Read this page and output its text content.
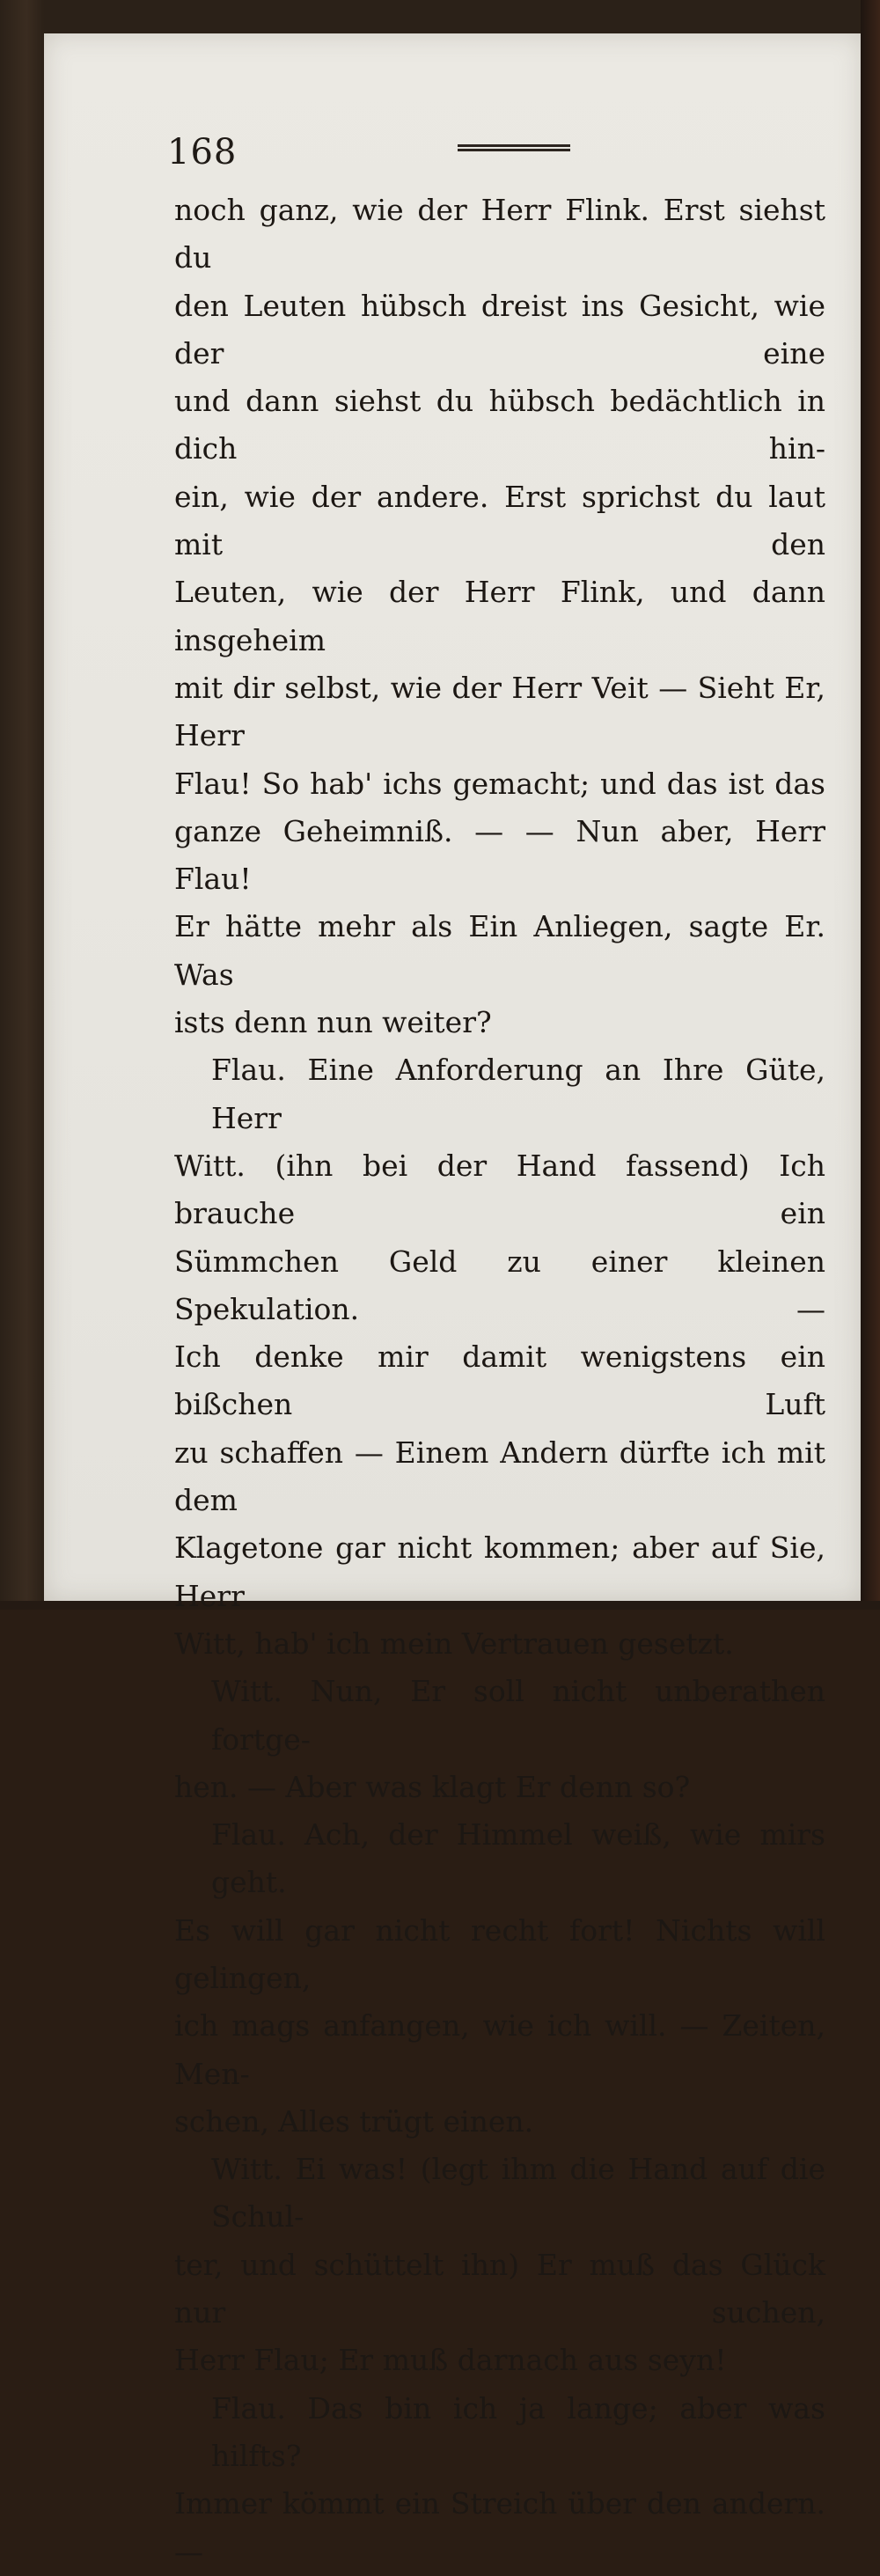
168
noch ganz, wie der Herr Flink. Erst siehst du
den Leuten hübsch dreist ins Gesicht, wie der eine
und dann siehst du hübsch bedächtlich in dich hin-
ein, wie der andere. Erst sprichst du laut mit den
Leuten, wie der Herr Flink, und dann insgeheim
mit dir selbst, wie der Herr Veit — Sieht Er, Herr
Flau! So hab' ichs gemacht; und das ist das
ganze Geheimniß. — — Nun aber, Herr Flau!
Er hätte mehr als Ein Anliegen, sagte Er. Was
ists denn nun weiter?
Flau. Eine Anforderung an Ihre Güte, Herr
Witt. (ihn bei der Hand fassend) Ich brauche ein
Sümmchen Geld zu einer kleinen Spekulation. —
Ich denke mir damit wenigstens ein bißchen Luft
zu schaffen — Einem Andern dürfte ich mit dem
Klagetone gar nicht kommen; aber auf Sie, Herr
Witt, hab' ich mein Vertrauen gesetzt.
Witt. Nun, Er soll nicht unberathen fortge-
hen. — Aber was klagt Er denn so?
Flau. Ach, der Himmel weiß, wie mirs geht.
Es will gar nicht recht fort! Nichts will gelingen,
ich mags anfangen, wie ich will. — Zeiten, Men-
schen, Alles trügt einen.
Witt. Ei was! (legt ihm die Hand auf die Schul-
ter, und schüttelt ihn) Er muß das Glück nur suchen,
Herr Flau; Er muß darnach aus seyn!
Flau. Das bin ich ja lange; aber was hilfts?
Immer kömmt ein Streich über den andern. —
